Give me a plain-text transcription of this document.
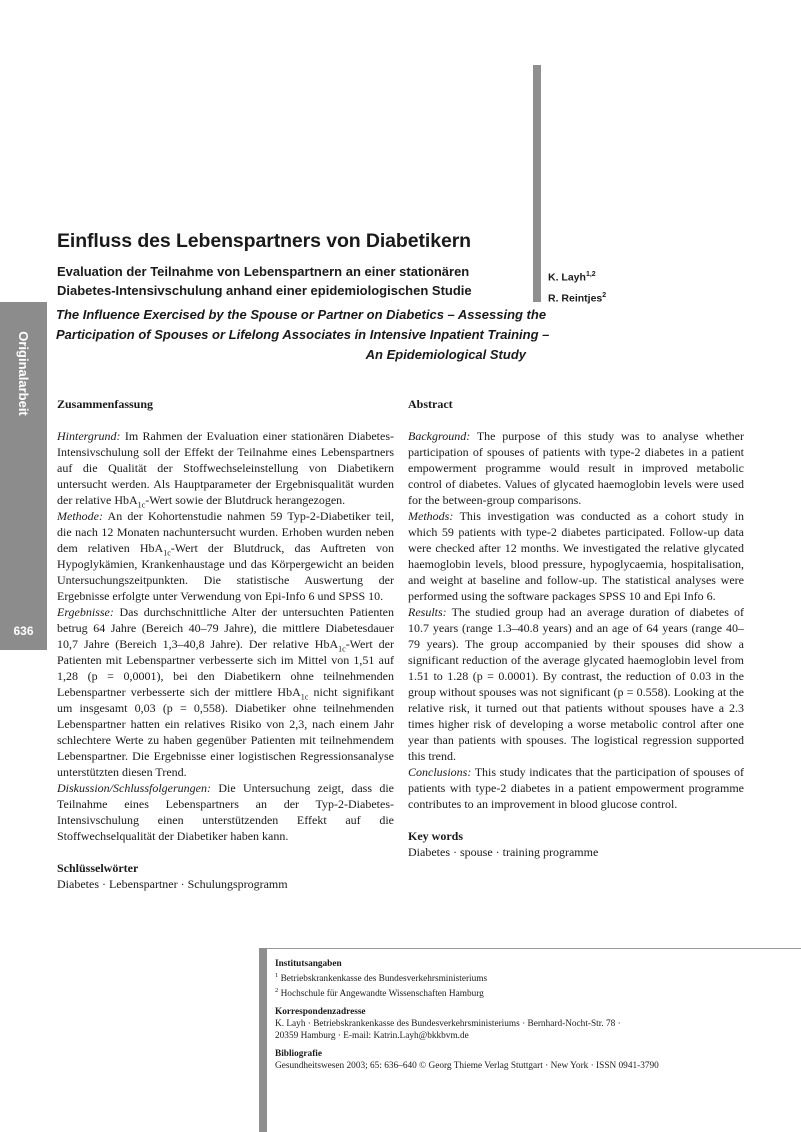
Originalarbeit
636
Einfluss des Lebenspartners von Diabetikern
Evaluation der Teilnahme von Lebenspartnern an einer stationären
Diabetes-Intensivschulung anhand einer epidemiologischen Studie
K. Layh$^{1,2}$
R. Reintjes$^2$
The Influence Exercised by the Spouse or Partner on Diabetics – Assessing the
Participation of Spouses or Lifelong Associates in Intensive Inpatient Training –
An Epidemiological Study
Zusammenfassung
Hintergrund: Im Rahmen der Evaluation einer stationären Diabetes-Intensivschulung soll der Effekt der Teilnahme eines Lebenspartners auf die Qualität der Stoffwechseleinstellung von Diabetikern untersucht werden. Als Hauptparameter der Ergebnisqualität wurden der relative HbA$_{1c}$-Wert sowie der Blutdruck herangezogen.
Methode: An der Kohortenstudie nahmen 59 Typ-2-Diabetiker teil, die nach 12 Monaten nachuntersucht wurden. Erhoben wurden neben dem relativen HbA$_{1c}$-Wert der Blutdruck, das Auftreten von Hypoglykämien, Krankenhaustage und das Körpergewicht an beiden Untersuchungszeitpunkten. Die statistische Auswertung der Ergebnisse erfolgte unter Verwendung von Epi-Info 6 und SPSS 10.
Ergebnisse: Das durchschnittliche Alter der untersuchten Patienten betrug 64 Jahre (Bereich 40–79 Jahre), die mittlere Diabetesdauer 10,7 Jahre (Bereich 1,3–40,8 Jahre). Der relative HbA$_{1c}$-Wert der Patienten mit Lebenspartner verbesserte sich im Mittel von 1,51 auf 1,28 (p = 0,0001), bei den Diabetikern ohne teilnehmenden Lebenspartner verbesserte sich der mittlere HbA$_{1c}$ nicht signifikant um insgesamt 0,03 (p = 0,558). Diabetiker ohne teilnehmenden Lebenspartner hatten ein relatives Risiko von 2,3, nach einem Jahr schlechtere Werte zu haben gegenüber Patienten mit teilnehmendem Lebenspartner. Die Ergebnisse einer logistischen Regressionsanalyse unterstützten diesen Trend.
Diskussion/Schlussfolgerungen: Die Untersuchung zeigt, dass die Teilnahme eines Lebenspartners an der Typ-2-Diabetes-Intensivschulung einen unterstützenden Effekt auf die Stoffwechselqualität der Diabetiker haben kann.
Schlüsselwörter
Diabetes · Lebenspartner · Schulungsprogramm
Abstract
Background: The purpose of this study was to analyse whether participation of spouses of patients with type-2 diabetes in a patient empowerment programme would result in improved metabolic control of diabetes. Values of glycated haemoglobin levels were used for the between-group comparisons.
Methods: This investigation was conducted as a cohort study in which 59 patients with type-2 diabetes participated. Follow-up data were checked after 12 months. We investigated the relative glycated haemoglobin levels, blood pressure, hypoglycaemia, hospitalisation, and weight at baseline and follow-up. The statistical analyses were performed using the software packages SPSS 10 and Epi Info 6.
Results: The studied group had an average duration of diabetes of 10.7 years (range 1.3–40.8 years) and an age of 64 years (range 40–79 years). The group accompanied by their spouses did show a significant reduction of the average glycated haemoglobin level from 1.51 to 1.28 (p = 0.0001). By contrast, the reduction of 0.03 in the group without spouses was not significant (p = 0.558). Looking at the relative risk, it turned out that patients without spouses have a 2.3 times higher risk of developing a worse metabolic control after one year than patients with spouses. The logistical regression supported this trend.
Conclusions: This study indicates that the participation of spouses of patients with type-2 diabetes in a patient empowerment programme contributes to an improvement in blood glucose control.
Key words
Diabetes · spouse · training programme
Institutsangaben
$^1$ Betriebskrankenkasse des Bundesverkehrsministeriums
$^2$ Hochschule für Angewandte Wissenschaften Hamburg
Korrespondenzadresse
K. Layh · Betriebskrankenkasse des Bundesverkehrsministeriums · Bernhard-Nocht-Str. 78 ·
20359 Hamburg · E-mail: Katrin.Layh@bkkbvm.de
Bibliografie
Gesundheitswesen 2003; 65: 636–640 © Georg Thieme Verlag Stuttgart · New York · ISSN 0941-3790
